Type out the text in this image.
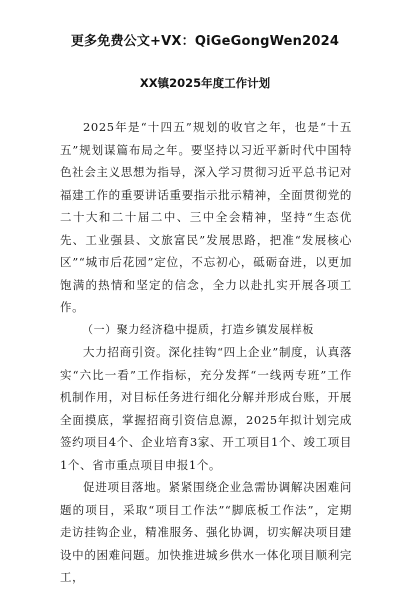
更多免费公文+VX：QiGeGongWen2024
XX镇2025年度工作计划

2025年是“十四五”规划的收官之年，也是“十五五”规划谋篇布局之年。要坚持以习近平新时代中国特色社会主义思想为指导，深入学习贯彻习近平总书记对福建工作的重要讲话重要指示批示精神，全面贯彻党的二十大和二十届二中、三中全会精神，坚持“生态优先、工业强县、文旅富民”发展思路，把准“发展核心区”“城市后花园”定位，不忘初心，砥砺奋进，以更加饱满的热情和坚定的信念，全力以赴扎实开展各项工作。

（一）聚力经济稳中提质，打造乡镇发展样板

大力招商引资。深化挂钩“四上企业”制度，认真落实“六比一看”工作指标，充分发挥“一线两专班”工作机制作用，对目标任务进行细化分解并形成台账，开展全面摸底，掌握招商引资信息源，2025年拟计划完成签约项目4个、企业培育3家、开工项目1个、竣工项目1个、省市重点项目申报1个。

促进项目落地。紧紧围绕企业急需协调解决困难问题的项目，采取“项目工作法”“脚底板工作法”，定期走访挂钩企业，精准服务、强化协调，切实解决项目建设中的困难问题。加快推进城乡供水一体化项目顺利完工，
